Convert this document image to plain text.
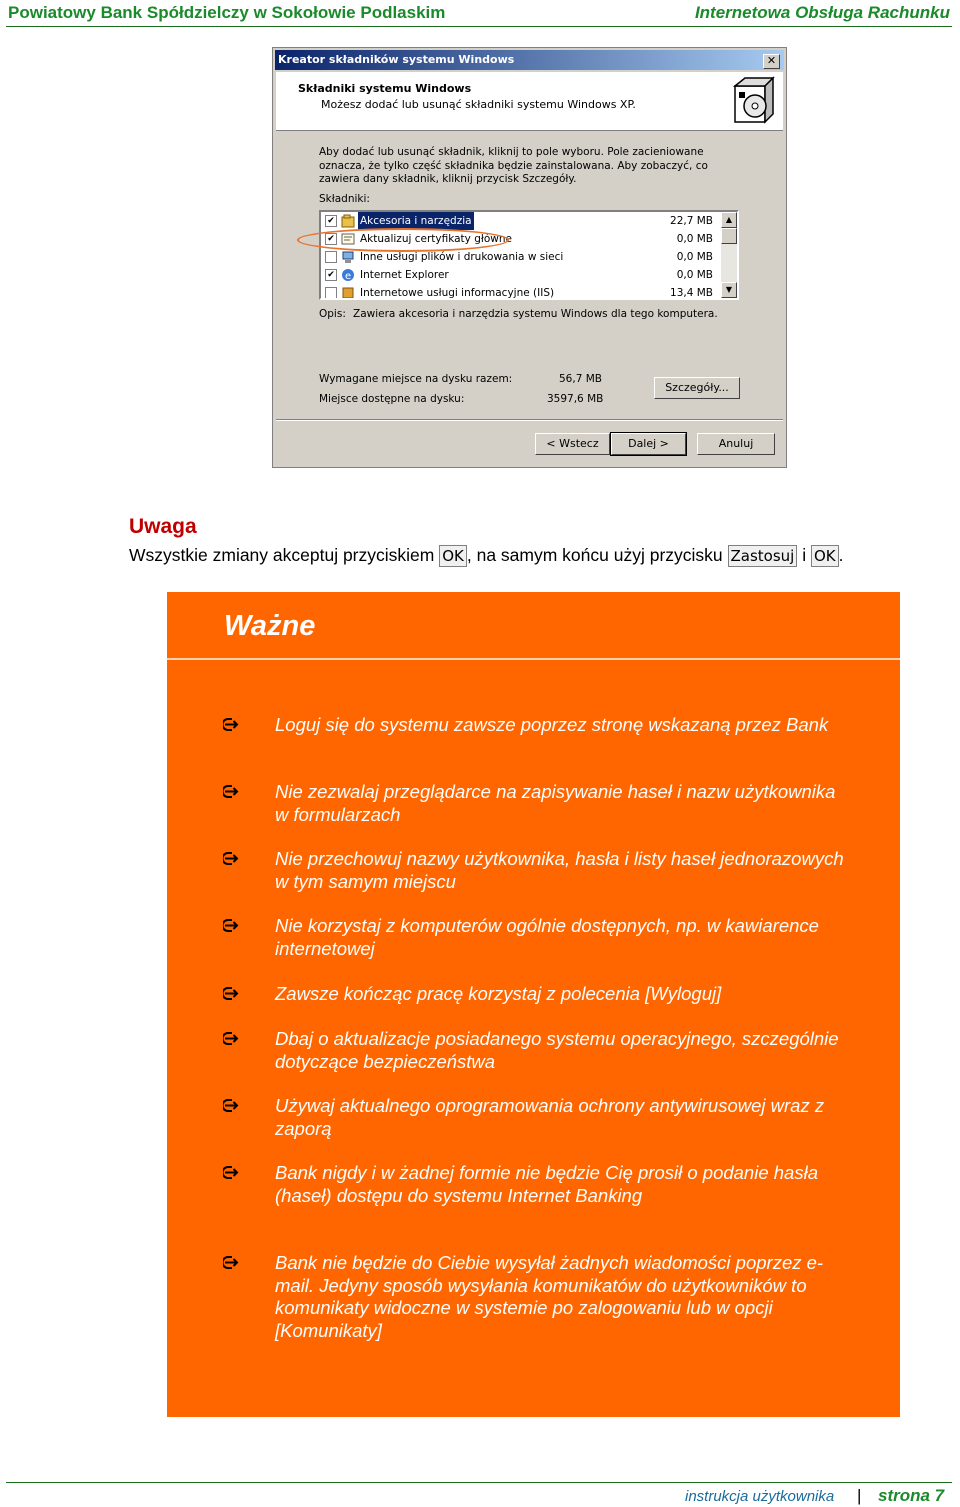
Powiatowy Bank Spółdzielczy w Sokołowie Podlaskim	Internetowa Obsługa Rachunku
Kreator składników systemu Windows	✕
Składniki systemu Windows
Możesz dodać lub usunąć składniki systemu Windows XP.
Aby dodać lub usunąć składnik, kliknij to pole wyboru. Pole zacieniowane oznacza, że tylko część składnika będzie zainstalowana. Aby zobaczyć, co zawiera dany składnik, kliknij przycisk Szczegóły.
Składniki:
✔ Akcesoria i narzędzia	22,7 MB
✔ Aktualizuj certyfikaty główne	0,0 MB
Inne usługi plików i drukowania w sieci	0,0 MB
✔ e Internet Explorer	0,0 MB
Internetowe usługi informacyjne (IIS)	13,4 MB
▲
▼
Opis: Zawiera akcesoria i narzędzia systemu Windows dla tego komputera.
Wymagane miejsce na dysku razem:	56,7 MB
Miejsce dostępne na dysku:	3597,6 MB
Szczegóły...
< Wstecz	Dalej >	Anuluj
Uwaga
Wszystkie zmiany akceptuj przyciskiem OK , na samym końcu użyj przycisku Zastosuj i OK .
Ważne
Loguj się do systemu zawsze poprzez stronę wskazaną przez Bank
Nie zezwalaj przeglądarce na zapisywanie haseł i nazw użytkownika w formularzach
Nie przechowuj nazwy użytkownika, hasła i listy haseł jednorazowych w tym samym miejscu
Nie korzystaj z komputerów ogólnie dostępnych, np. w kawiarence internetowej
Zawsze kończąc pracę korzystaj z polecenia [Wyloguj]
Dbaj o aktualizacje posiadanego systemu operacyjnego, szczególnie dotyczące bezpieczeństwa
Używaj aktualnego oprogramowania ochrony antywirusowej wraz z zaporą
Bank nigdy i w żadnej formie nie będzie Cię prosił o podanie hasła (haseł) dostępu do systemu Internet Banking
Bank nie będzie do Ciebie wysyłał żadnych wiadomości poprzez e-mail. Jedyny sposób wysyłania komunikatów do użytkowników to komunikaty widoczne w systemie po zalogowaniu lub w opcji [Komunikaty]
instrukcja użytkownika | strona 7
